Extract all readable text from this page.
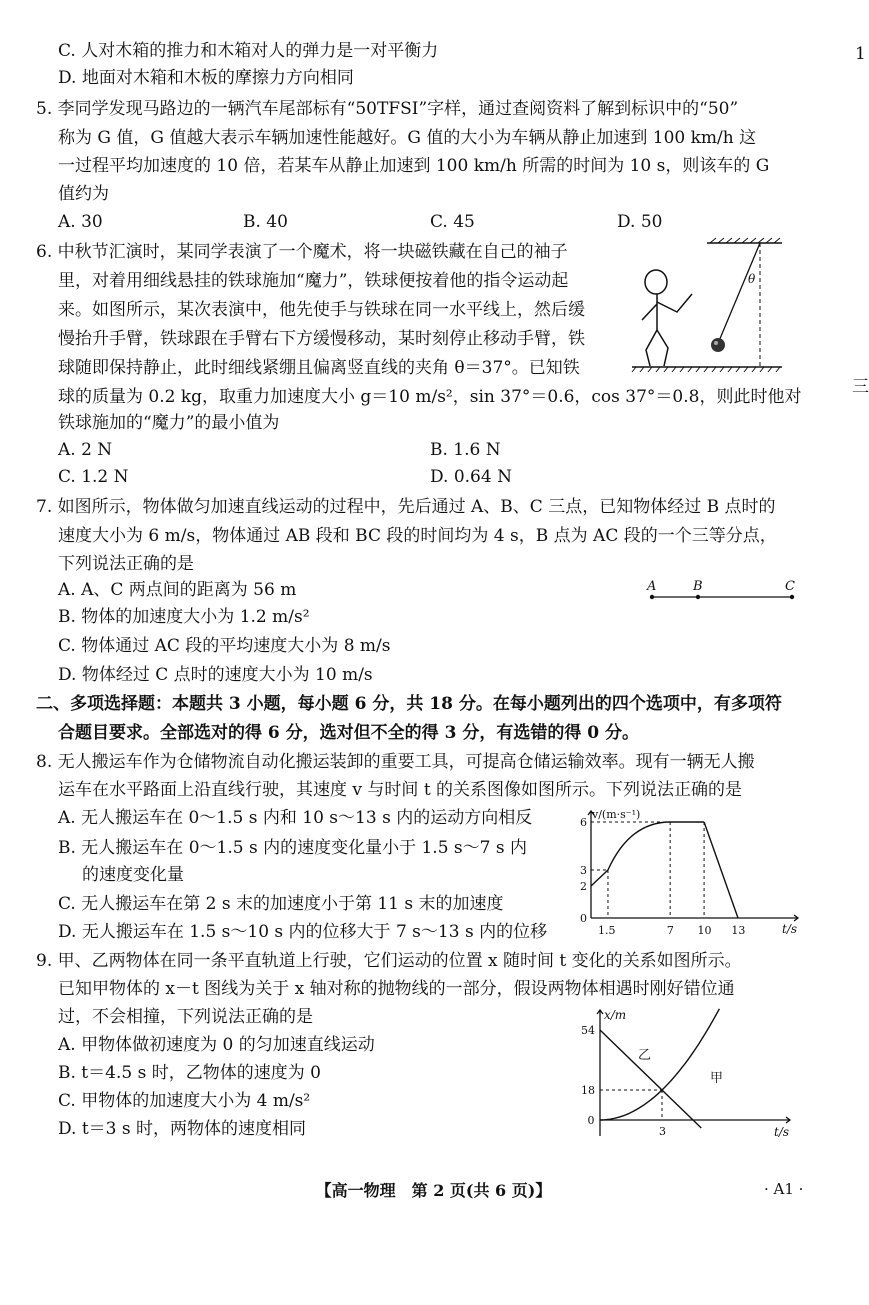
C. 人对木箱的推力和木箱对人的弹力是一对平衡力
D. 地面对木箱和木板的摩擦力方向相同
5. 李同学发现马路边的一辆汽车尾部标有“50TFSI”字样，通过查阅资料了解到标识中的“50”
称为 G 值，G 值越大表示车辆加速性能越好。G 值的大小为车辆从静止加速到 100 km/h 这
一过程平均加速度的 10 倍，若某车从静止加速到 100 km/h 所需的时间为 10 s，则该车的 G
值约为
A. 30	B. 40	C. 45	D. 50
6. 中秋节汇演时，某同学表演了一个魔术，将一块磁铁藏在自己的袖子
里，对着用细线悬挂的铁球施加“魔力”，铁球便按着他的指令运动起
来。如图所示，某次表演中，他先使手与铁球在同一水平线上，然后缓
慢抬升手臂，铁球跟在手臂右下方缓慢移动，某时刻停止移动手臂，铁
球随即保持静止，此时细线紧绷且偏离竖直线的夹角 θ＝37°。已知铁
球的质量为 0.2 kg，取重力加速度大小 g＝10 m/s²，sin 37°＝0.6，cos 37°＝0.8，则此时他对
铁球施加的“魔力”的最小值为
A. 2 N	B. 1.6 N
C. 1.2 N	D. 0.64 N
θ
7. 如图所示，物体做匀加速直线运动的过程中，先后通过 A、B、C 三点，已知物体经过 B 点时的
速度大小为 6 m/s，物体通过 AB 段和 BC 段的时间均为 4 s，B 点为 AC 段的一个三等分点，
下列说法正确的是
A. A、C 两点间的距离为 56 m
B. 物体的加速度大小为 1.2 m/s²
C. 物体通过 AC 段的平均速度大小为 8 m/s
D. 物体经过 C 点时的速度大小为 10 m/s
A	B	C
二、多项选择题：本题共 3 小题，每小题 6 分，共 18 分。在每小题列出的四个选项中，有多项符
合题目要求。全部选对的得 6 分，选对但不全的得 3 分，有选错的得 0 分。
8. 无人搬运车作为仓储物流自动化搬运装卸的重要工具，可提高仓储运输效率。现有一辆无人搬
运车在水平路面上沿直线行驶，其速度 v 与时间 t 的关系图像如图所示。下列说法正确的是
A. 无人搬运车在 0～1.5 s 内和 10 s～13 s 内的运动方向相反
B. 无人搬运车在 0～1.5 s 内的速度变化量小于 1.5 s～7 s 内
的速度变化量
C. 无人搬运车在第 2 s 末的加速度小于第 11 s 末的加速度
D. 无人搬运车在 1.5 s～10 s 内的位移大于 7 s～13 s 内的位移
v/(m·s⁻¹)
t/s
6
3
2
0
1.5	7 10 13
9. 甲、乙两物体在同一条平直轨道上行驶，它们运动的位置 x 随时间 t 变化的关系如图所示。
已知甲物体的 x－t 图线为关于 x 轴对称的抛物线的一部分，假设两物体相遇时刚好错位通
过，不会相撞，下列说法正确的是
A. 甲物体做初速度为 0 的匀加速直线运动
B. t＝4.5 s 时，乙物体的速度为 0
C. 甲物体的加速度大小为 4 m/s²
D. t＝3 s 时，两物体的速度相同
x/m
t/s
乙
甲
54
18
0
3
【高一物理　第 2 页(共 6 页)】	· A1 ·
1
三
